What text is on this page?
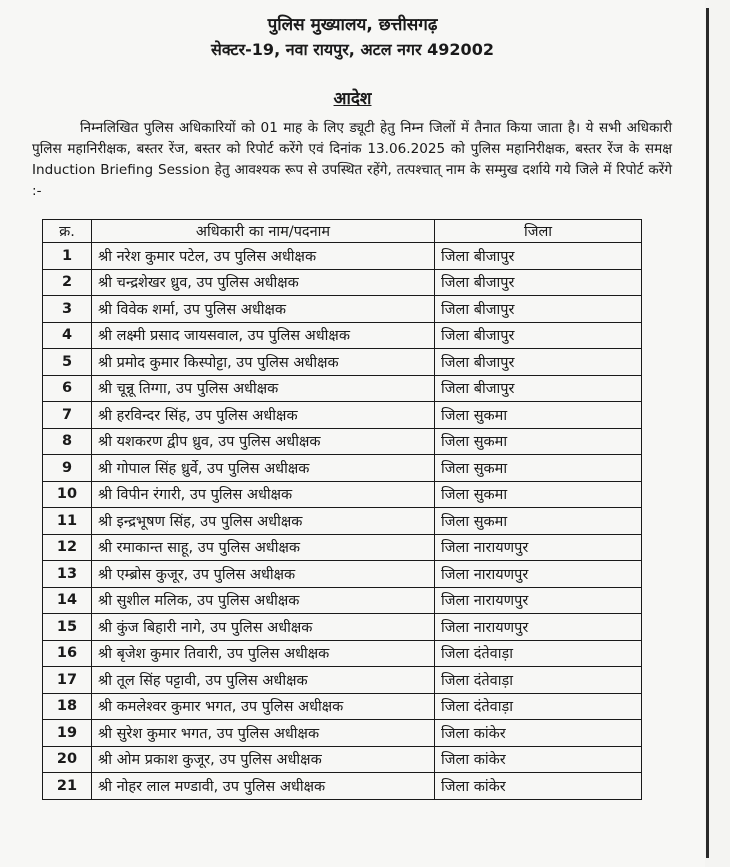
पुलिस मुख्यालय, छत्तीसगढ़
सेक्टर-19, नवा रायपुर, अटल नगर 492002
आदेश
निम्नलिखित पुलिस अधिकारियों को 01 माह के लिए ड्यूटी हेतु निम्न जिलों में तैनात किया जाता है। ये सभी अधिकारी पुलिस महानिरीक्षक, बस्तर रेंज, बस्तर को रिपोर्ट करेंगे एवं दिनांक 13.06.2025 को पुलिस महानिरीक्षक, बस्तर रेंज के समक्ष Induction Briefing Session हेतु आवश्यक रूप से उपस्थित रहेंगे, तत्पश्चात् नाम के सम्मुख दर्शाये गये जिले में रिपोर्ट करेंगे :-
क्र.	अधिकारी का नाम/पदनाम	जिला
1	श्री नरेश कुमार पटेल, उप पुलिस अधीक्षक	जिला बीजापुर
2	श्री चन्द्रशेखर ध्रुव, उप पुलिस अधीक्षक	जिला बीजापुर
3	श्री विवेक शर्मा, उप पुलिस अधीक्षक	जिला बीजापुर
4	श्री लक्ष्मी प्रसाद जायसवाल, उप पुलिस अधीक्षक	जिला बीजापुर
5	श्री प्रमोद कुमार किस्पोट्टा, उप पुलिस अधीक्षक	जिला बीजापुर
6	श्री चून्नू तिग्गा, उप पुलिस अधीक्षक	जिला बीजापुर
7	श्री हरविन्दर सिंह, उप पुलिस अधीक्षक	जिला सुकमा
8	श्री यशकरण द्वीप ध्रुव, उप पुलिस अधीक्षक	जिला सुकमा
9	श्री गोपाल सिंह ध्रुर्वे, उप पुलिस अधीक्षक	जिला सुकमा
10	श्री विपीन रंगारी, उप पुलिस अधीक्षक	जिला सुकमा
11	श्री इन्द्रभूषण सिंह, उप पुलिस अधीक्षक	जिला सुकमा
12	श्री रमाकान्त साहू, उप पुलिस अधीक्षक	जिला नारायणपुर
13	श्री एम्ब्रोस कुजूर, उप पुलिस अधीक्षक	जिला नारायणपुर
14	श्री सुशील मलिक, उप पुलिस अधीक्षक	जिला नारायणपुर
15	श्री कुंज बिहारी नागे, उप पुलिस अधीक्षक	जिला नारायणपुर
16	श्री बृजेश कुमार तिवारी, उप पुलिस अधीक्षक	जिला दंतेवाड़ा
17	श्री तूल सिंह पट्टावी, उप पुलिस अधीक्षक	जिला दंतेवाड़ा
18	श्री कमलेश्वर कुमार भगत, उप पुलिस अधीक्षक	जिला दंतेवाड़ा
19	श्री सुरेश कुमार भगत, उप पुलिस अधीक्षक	जिला कांकेर
20	श्री ओम प्रकाश कुजूर, उप पुलिस अधीक्षक	जिला कांकेर
21	श्री नोहर लाल मण्डावी, उप पुलिस अधीक्षक	जिला कांकेर
